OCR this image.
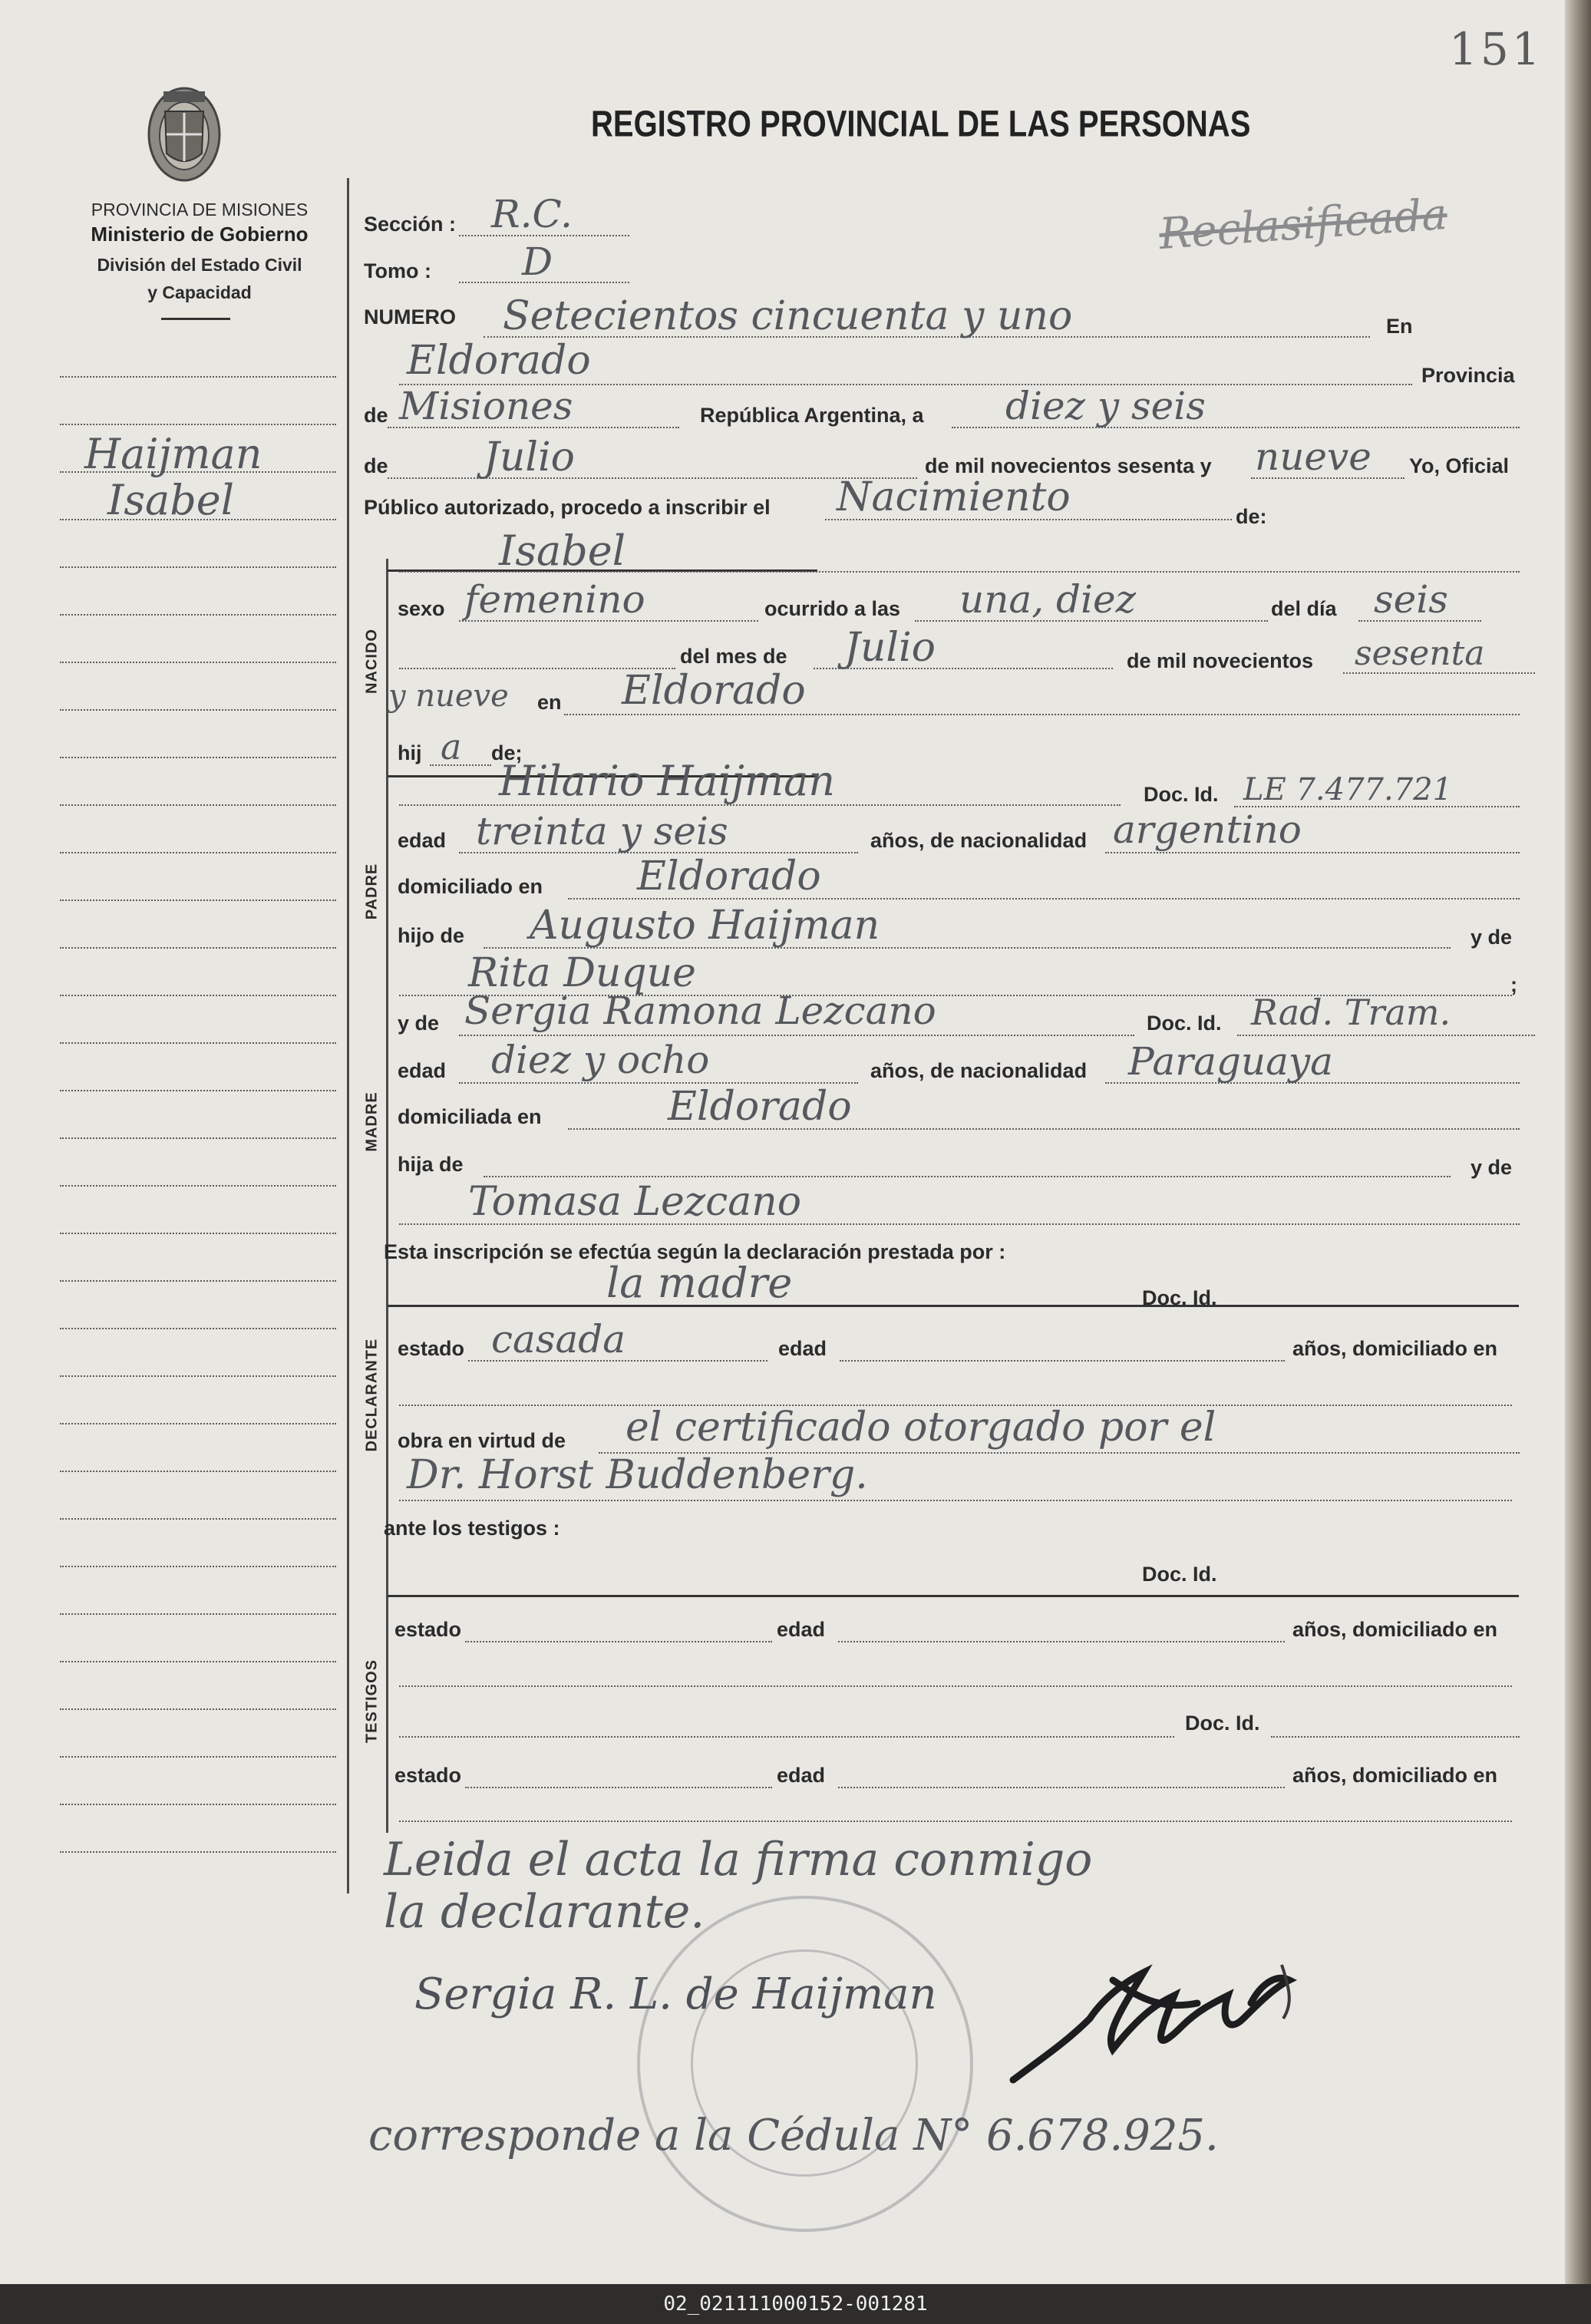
151
PROVINCIA DE MISIONES
Ministerio de Gobierno
División del Estado Civil
y Capacidad
REGISTRO PROVINCIAL DE LAS PERSONAS
Reclasificada
Haijman
Isabel
NACIDO
PADRE
MADRE
DECLARANTE
TESTIGOS
Sección : R.C.
Tomo : D
NUMERO Setecientos cincuenta y uno	En
Eldorado	Provincia
de Misiones	República Argentina, a diez y seis
de Julio	de mil novecientos sesenta y nueve Yo, Oficial
Público autorizado, procedo a inscribir el Nacimiento	de:
Isabel
sexo femenino	ocurrido a las una, diez	del día seis
del mes de Julio	de mil novecientos sesenta
y nueve en Eldorado
hij a de;
Hilario Haijman	Doc. Id. LE 7.477.721
edad treinta y seis	años, de nacionalidad argentino
domiciliado en Eldorado
hijo de Augusto Haijman	y de
Rita Duque	;
y de Sergia Ramona Lezcano	Doc. Id. Rad. Tram.
edad diez y ocho	años, de nacionalidad Paraguaya
domiciliada en	Eldorado
hija de	y de
Tomasa Lezcano
Esta inscripción se efectúa según la declaración prestada por :
la madre	Doc. Id.
estado casada	edad	años, domiciliado en
obra en virtud de el certificado otorgado por el
Dr. Horst Buddenberg.
ante los testigos :
Doc. Id.
estado	edad	años, domiciliado en
Doc. Id.
estado	edad	años, domiciliado en
Leida el acta la firma conmigo
la declarante.
Sergia R. L. de Haijman
corresponde a la Cédula N° 6.678.925.
02_021111000152-001281
